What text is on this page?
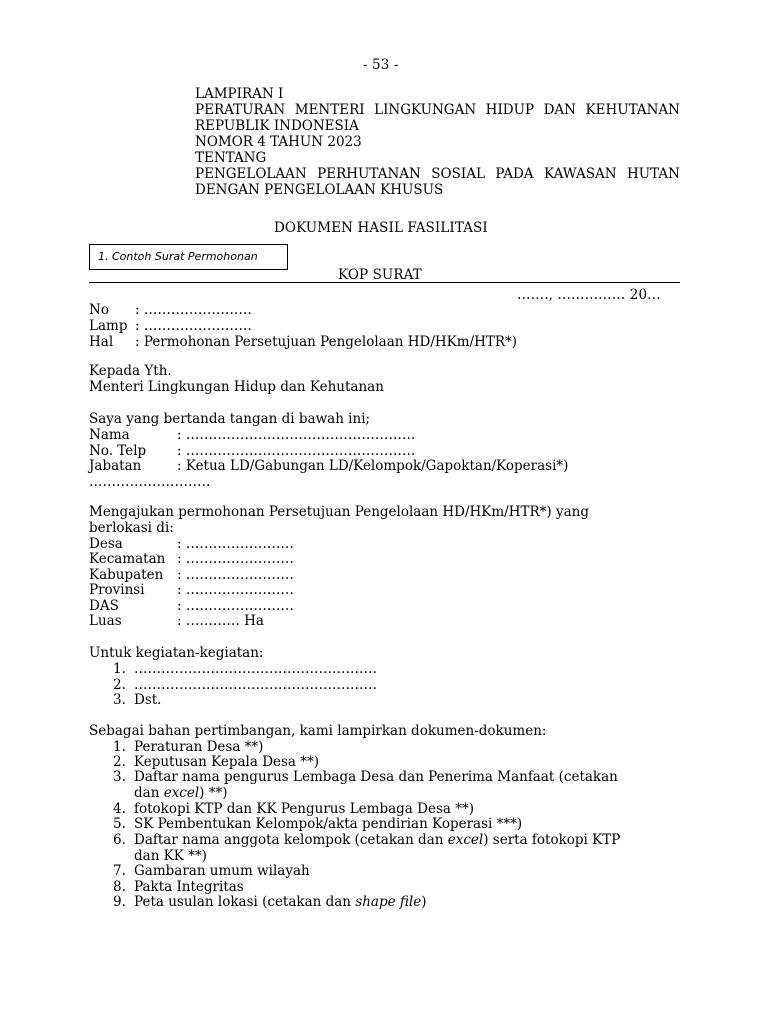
- 53 -
LAMPIRAN I
PERATURAN MENTERI LINGKUNGAN HIDUP DAN KEHUTANAN
REPUBLIK INDONESIA
NOMOR 4 TAHUN 2023
TENTANG
PENGELOLAAN PERHUTANAN SOSIAL PADA KAWASAN HUTAN
DENGAN PENGELOLAAN KHUSUS
DOKUMEN HASIL FASILITASI
1. Contoh Surat Permohonan
KOP SURAT
……., …………… 20…
No : ……………………
Lamp : ……………………
Hal : Permohonan Persetujuan Pengelolaan HD/HKm/HTR*)
Kepada Yth.
Menteri Lingkungan Hidup dan Kehutanan
Saya yang bertanda tangan di bawah ini;
Nama	: ……………………………………………
No. Telp : ……………………………………………
Jabatan	: Ketua LD/Gabungan LD/Kelompok/Gapoktan/Koperasi*)
………………………
Mengajukan permohonan Persetujuan Pengelolaan HD/HKm/HTR*) yang
berlokasi di:
Desa	: ……………………
Kecamatan : ……………………
Kabupaten : ……………………
Provinsi : ……………………
DAS	: ……………………
Luas	: ………… Ha
Untuk kegiatan-kegiatan:
1. ………………………………………………
2. ………………………………………………
3. Dst.
Sebagai bahan pertimbangan, kami lampirkan dokumen-dokumen:
1. Peraturan Desa **)
2. Keputusan Kepala Desa **)
3. Daftar nama pengurus Lembaga Desa dan Penerima Manfaat (cetakan
dan excel) **)
4. fotokopi KTP dan KK Pengurus Lembaga Desa **)
5. SK Pembentukan Kelompok/akta pendirian Koperasi ***)
6. Daftar nama anggota kelompok (cetakan dan excel) serta fotokopi KTP
dan KK **)
7. Gambaran umum wilayah
8. Pakta Integritas
9. Peta usulan lokasi (cetakan dan shape file)
